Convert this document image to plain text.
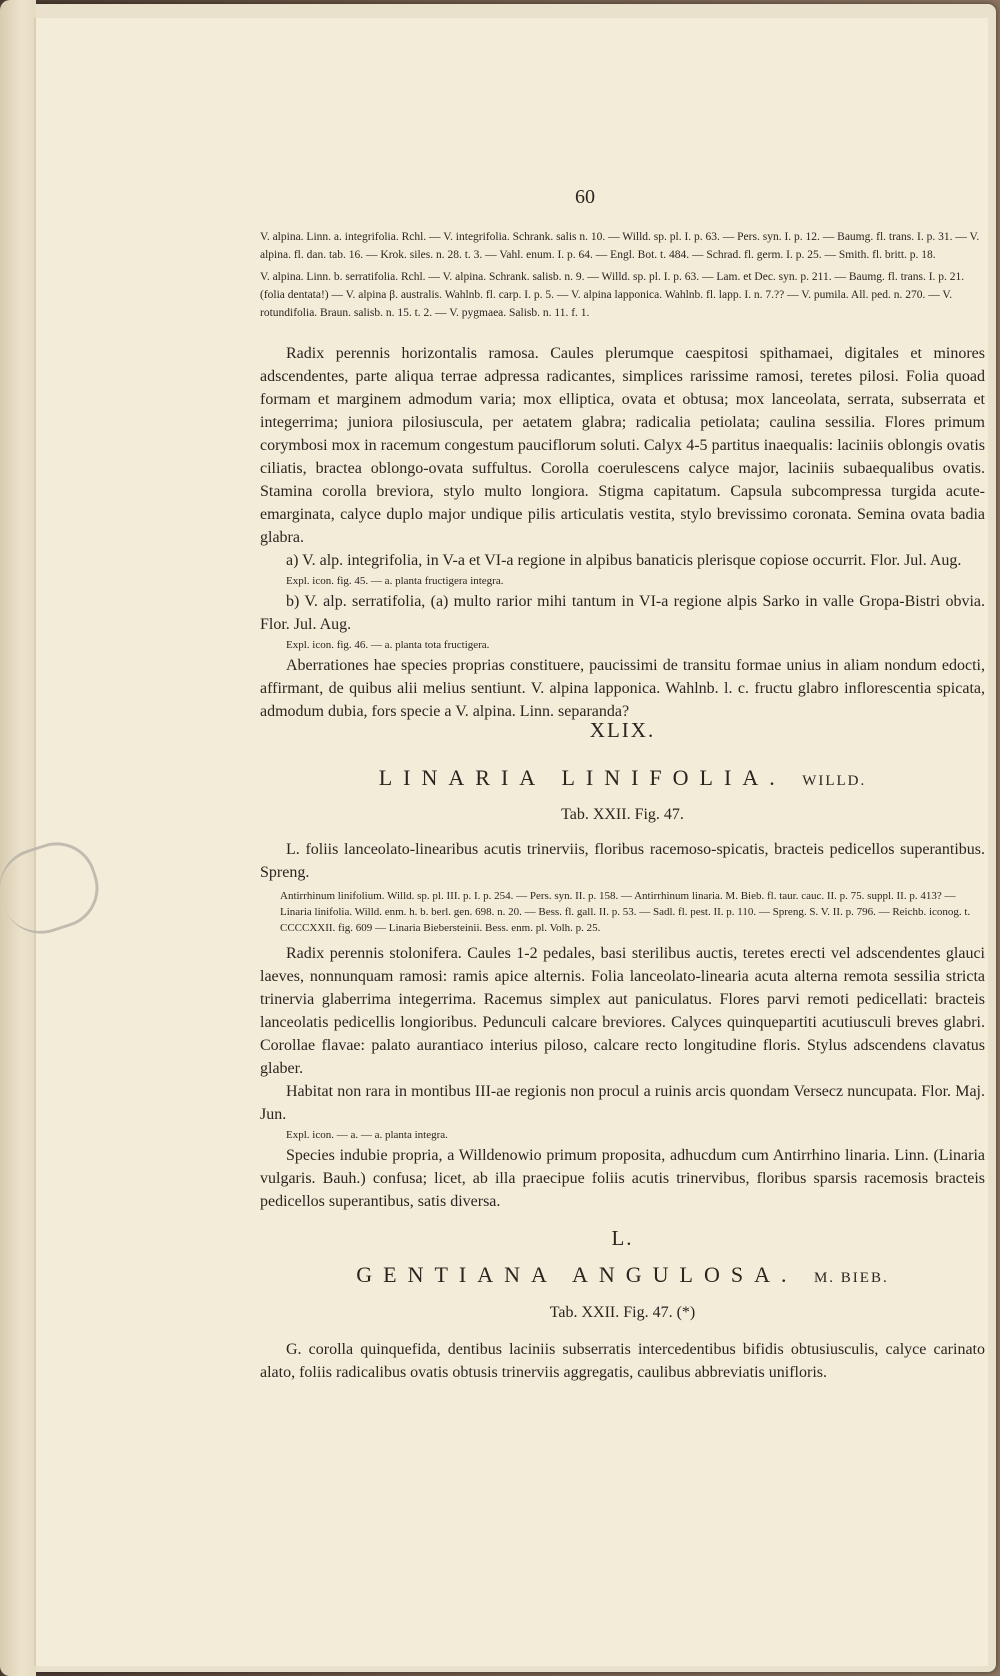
60

V. alpina. Linn. a. integrifolia. Rchl. — V. integrifolia. Schrank. salis n. 10. — Willd. sp. pl. I. p. 63. — Pers. syn. I. p. 12. — Baumg. fl. trans. I. p. 31. — V. alpina. fl. dan. tab. 16. — Krok. siles. n. 28. t. 3. — Vahl. enum. I. p. 64. — Engl. Bot. t. 484. — Schrad. fl. germ. I. p. 25. — Smith. fl. britt. p. 18.

V. alpina. Linn. b. serratifolia. Rchl. — V. alpina. Schrank. salisb. n. 9. — Willd. sp. pl. I. p. 63. — Lam. et Dec. syn. p. 211. — Baumg. fl. trans. I. p. 21. (folia dentata!) — V. alpina β. australis. Wahlnb. fl. carp. I. p. 5. — V. alpina lapponica. Wahlnb. fl. lapp. I. n. 7.?? — V. pumila. All. ped. n. 270. — V. rotundifolia. Braun. salisb. n. 15. t. 2. — V. pygmaea. Salisb. n. 11. f. 1.

Radix perennis horizontalis ramosa. Caules plerumque caespitosi spithamaei, digitales et minores adscendentes, parte aliqua terrae adpressa radicantes, simplices rarissime ramosi, teretes pilosi. Folia quoad formam et marginem admodum varia; mox elliptica, ovata et obtusa; mox lanceolata, serrata, subserrata et integerrima; juniora pilosiuscula, per aetatem glabra; radicalia petiolata; caulina sessilia. Flores primum corymbosi mox in racemum congestum pauciflorum soluti. Calyx 4-5 partitus inaequalis: laciniis oblongis ovatis ciliatis, bractea oblongo-ovata suffultus. Corolla coerulescens calyce major, laciniis subaequalibus ovatis. Stamina corolla breviora, stylo multo longiora. Stigma capitatum. Capsula subcompressa turgida acute-emarginata, calyce duplo major undique pilis articulatis vestita, stylo brevissimo coronata. Semina ovata badia glabra.

a) V. alp. integrifolia, in V-a et VI-a regione in alpibus banaticis plerisque copiose occurrit. Flor. Jul. Aug.

Expl. icon. fig. 45. — a. planta fructigera integra.

b) V. alp. serratifolia, (a) multo rarior mihi tantum in VI-a regione alpis Sarko in valle Gropa-Bistri obvia. Flor. Jul. Aug.

Expl. icon. fig. 46. — a. planta tota fructigera.

Aberrationes hae species proprias constituere, paucissimi de transitu formae unius in aliam nondum edocti, affirmant, de quibus alii melius sentiunt. V. alpina lapponica. Wahlnb. l. c. fructu glabro inflorescentia spicata, admodum dubia, fors specie a V. alpina. Linn. separanda?

XLIX.
LINARIA LINIFOLIA. WILLD.
Tab. XXII. Fig. 47.

L. foliis lanceolato-linearibus acutis trinerviis, floribus racemoso-spicatis, bracteis pedicellos superantibus. Spreng.

Antirrhinum linifolium. Willd. sp. pl. III. p. I. p. 254. — Pers. syn. II. p. 158. — Antirrhinum linaria. M. Bieb. fl. taur. cauc. II. p. 75. suppl. II. p. 413? — Linaria linifolia. Willd. enm. h. b. berl. gen. 698. n. 20. — Bess. fl. gall. II. p. 53. — Sadl. fl. pest. II. p. 110. — Spreng. S. V. II. p. 796. — Reichb. iconog. t. CCCCXXII. fig. 609 — Linaria Biebersteinii. Bess. enm. pl. Volh. p. 25.

Radix perennis stolonifera. Caules 1-2 pedales, basi sterilibus auctis, teretes erecti vel adscendentes glauci laeves, nonnunquam ramosi: ramis apice alternis. Folia lanceolato-linearia acuta alterna remota sessilia stricta trinervia glaberrima integerrima. Racemus simplex aut paniculatus. Flores parvi remoti pedicellati: bracteis lanceolatis pedicellis longioribus. Pedunculi calcare breviores. Calyces quinquepartiti acutiusculi breves glabri. Corollae flavae: palato aurantiaco interius piloso, calcare recto longitudine floris. Stylus adscendens clavatus glaber.

Habitat non rara in montibus III-ae regionis non procul a ruinis arcis quondam Versecz nuncupata. Flor. Maj. Jun.

Expl. icon. — a. — a. planta integra.

Species indubie propria, a Willdenowio primum proposita, adhucdum cum Antirrhino linaria. Linn. (Linaria vulgaris. Bauh.) confusa; licet, ab illa praecipue foliis acutis trinervibus, floribus sparsis racemosis bracteis pedicellos superantibus, satis diversa.

L.
GENTIANA ANGULOSA. M. BIEB.
Tab. XXII. Fig. 47. (*)

G. corolla quinquefida, dentibus laciniis subserratis intercedentibus bifidis obtusiusculis, calyce carinato alato, foliis radicalibus ovatis obtusis trinerviis aggregatis, caulibus abbreviatis unifloris.
